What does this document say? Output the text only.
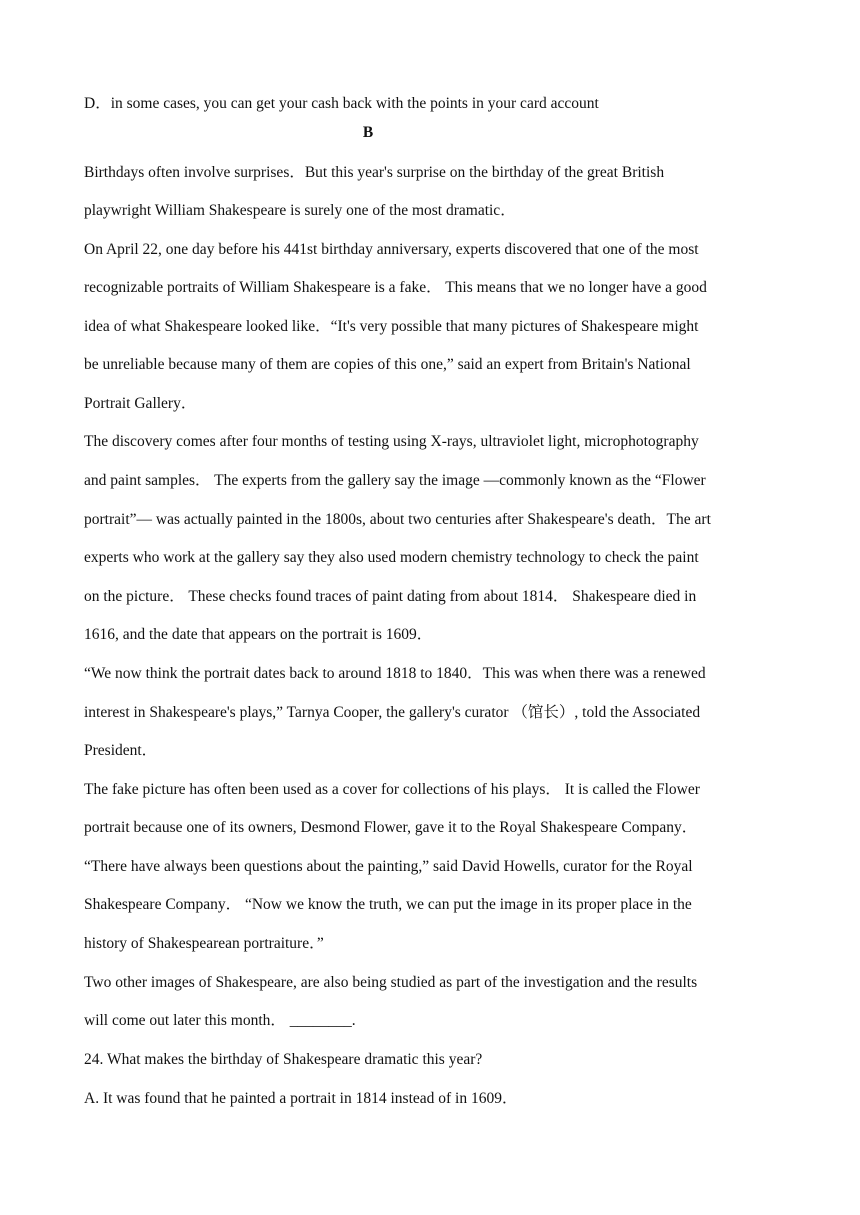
D．in some cases, you can get your cash back with the points in your card account
B
Birthdays often involve surprises．But this year's surprise on the birthday of the great British
playwright William Shakespeare is surely one of the most dramatic．
On April 22, one day before his 441st birthday anniversary, experts discovered that one of the most
recognizable portraits of William Shakespeare is a fake． This means that we no longer have a good
idea of what Shakespeare looked like．“It's very possible that many pictures of Shakespeare might
be unreliable because many of them are copies of this one,” said an expert from Britain's National
Portrait Gallery．
The discovery comes after four months of testing using X-rays, ultraviolet light, microphotography
and paint samples． The experts from the gallery say the image —commonly known as the “Flower
portrait”— was actually painted in the 1800s, about two centuries after Shakespeare's death．The art
experts who work at the gallery say they also used modern chemistry technology to check the paint
on the picture． These checks found traces of paint dating from about 1814． Shakespeare died in
1616, and the date that appears on the portrait is 1609．
“We now think the portrait dates back to around 1818 to 1840．This was when there was a renewed
interest in Shakespeare's plays,” Tarnya Cooper, the gallery's curator （馆长）, told the Associated
President．
The fake picture has often been used as a cover for collections of his plays． It is called the Flower
portrait because one of its owners, Desmond Flower, gave it to the Royal Shakespeare Company．
“There have always been questions about the painting,” said David Howells, curator for the Royal
Shakespeare Company． “Now we know the truth, we can put the image in its proper place in the
history of Shakespearean portraiture．”
Two other images of Shakespeare, are also being studied as part of the investigation and the results
will come out later this month． ________.
24. What makes the birthday of Shakespeare dramatic this year?
A. It was found that he painted a portrait in 1814 instead of in 1609．
